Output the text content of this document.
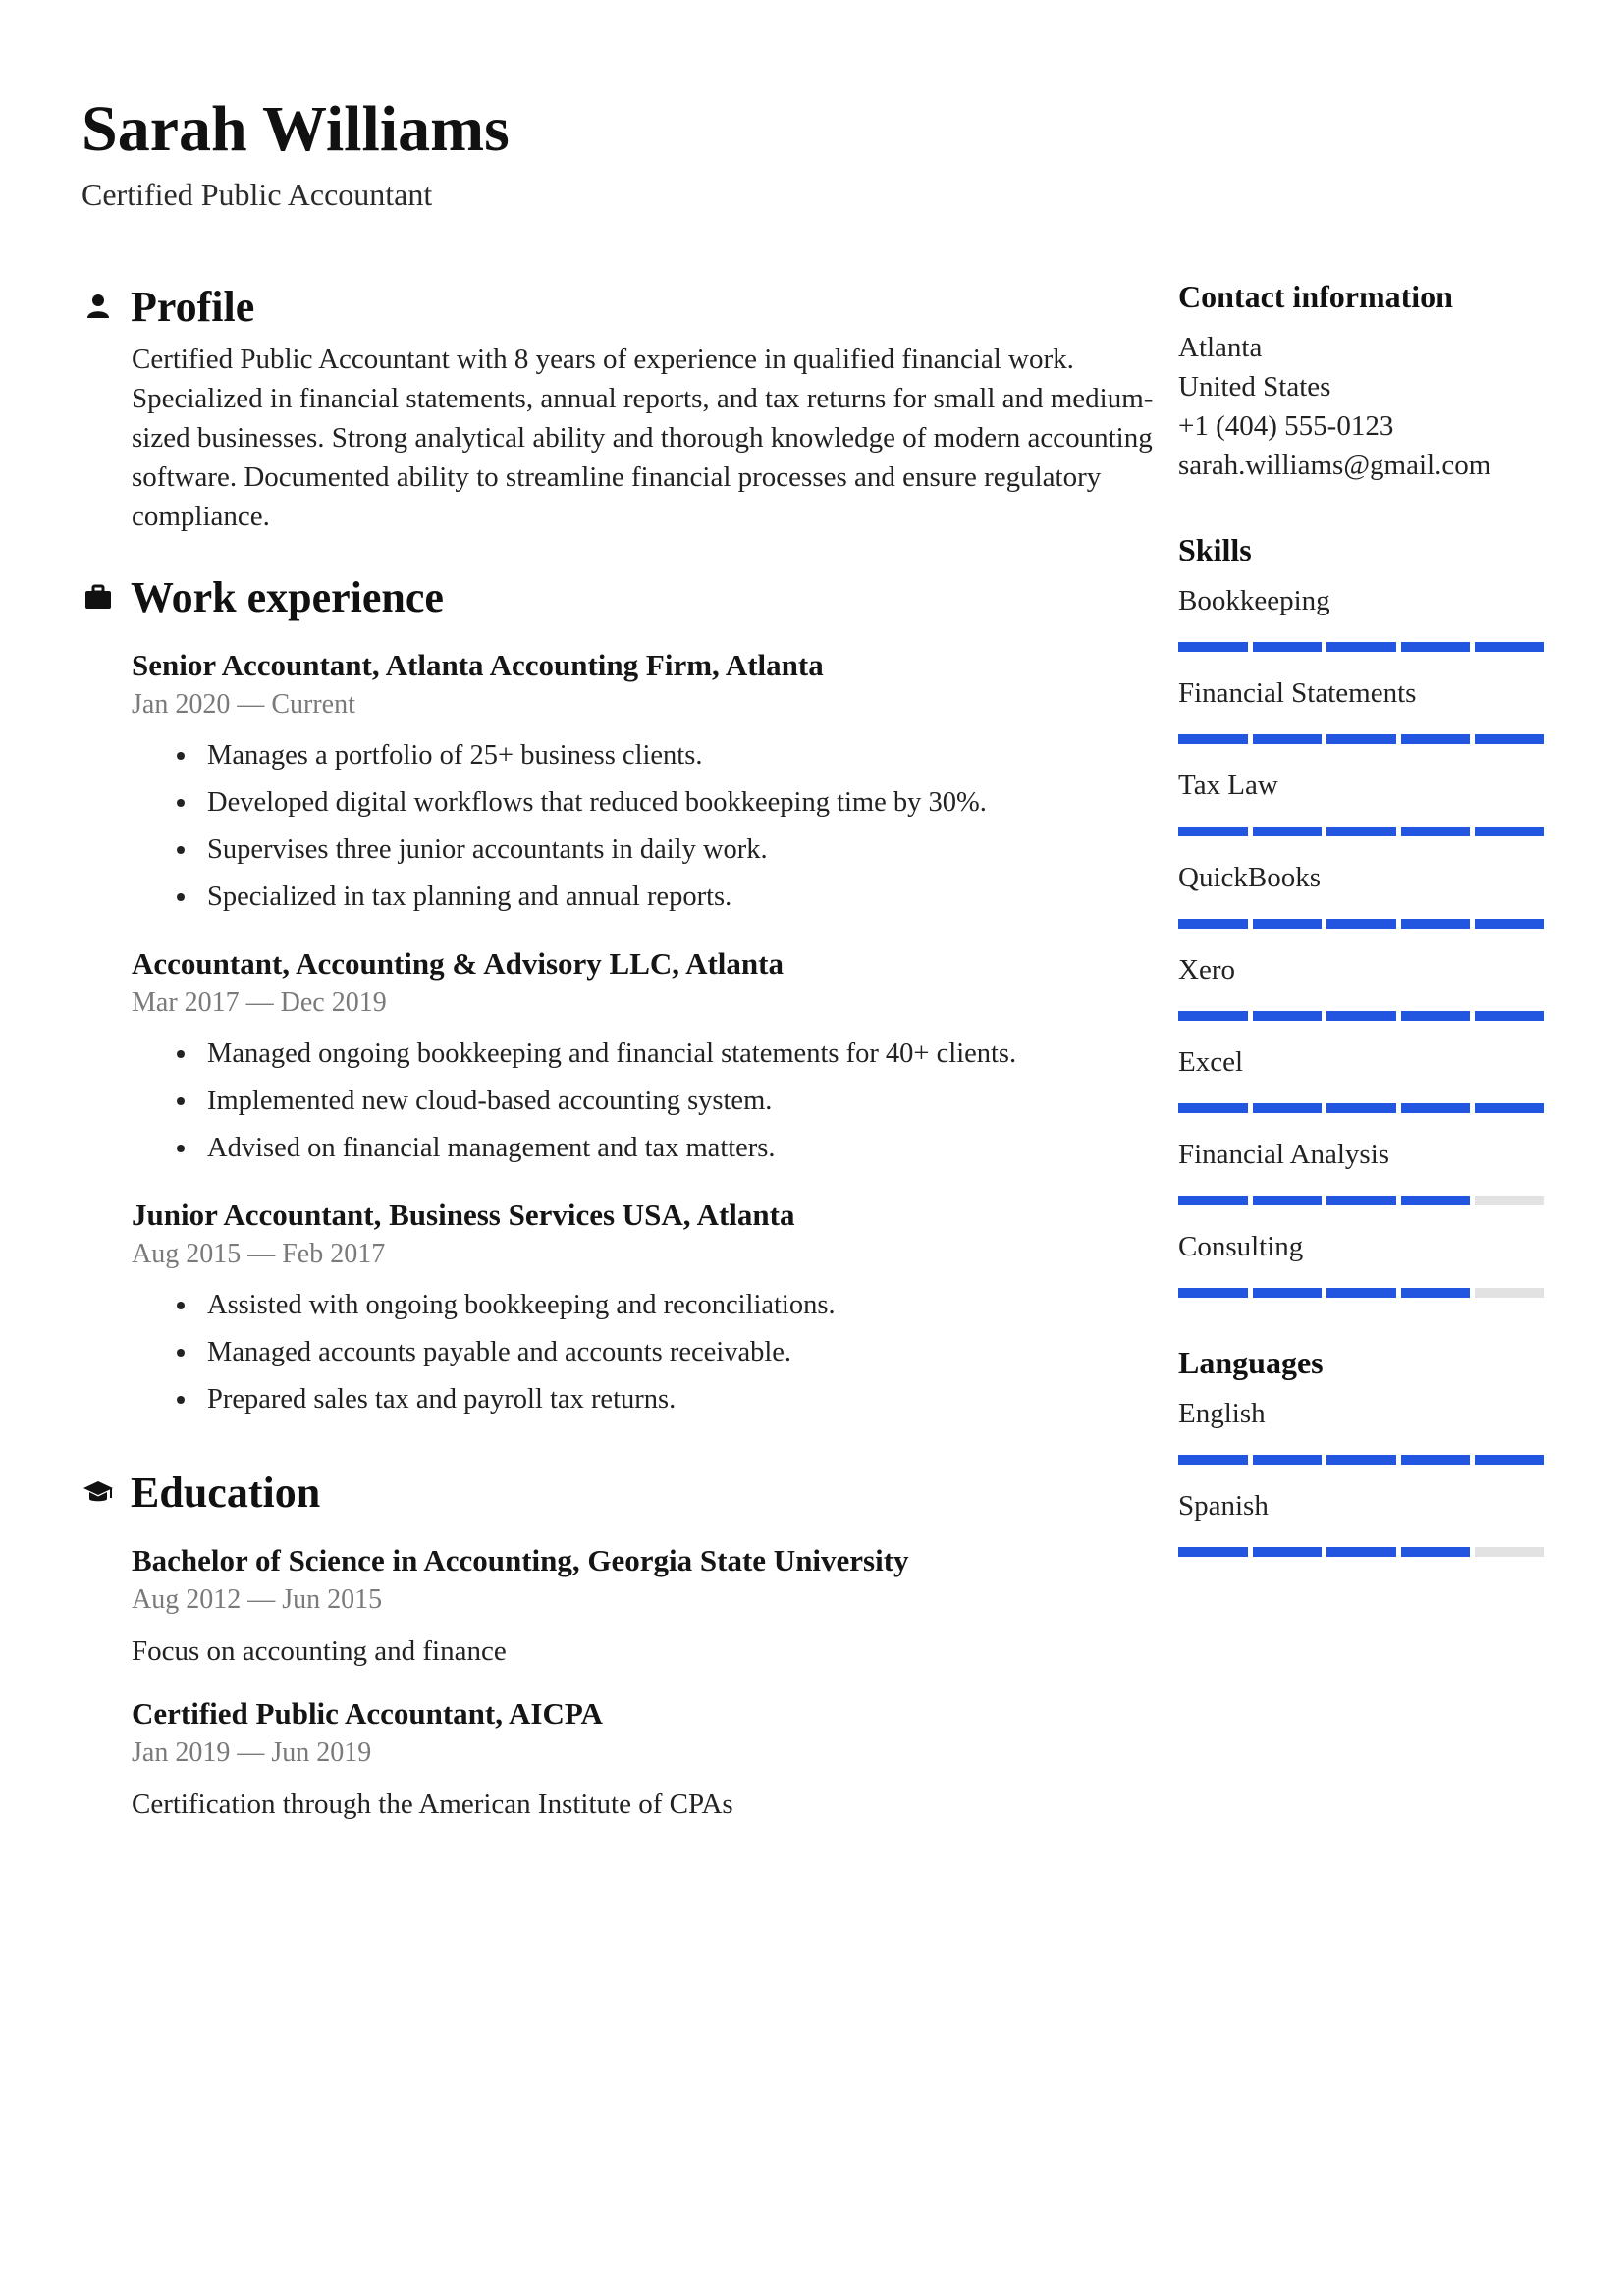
Sarah Williams
Certified Public Accountant
Profile
Certified Public Accountant with 8 years of experience in qualified financial work. Specialized in financial statements, annual reports, and tax returns for small and medium-sized businesses. Strong analytical ability and thorough knowledge of modern accounting software. Documented ability to streamline financial processes and ensure regulatory compliance.
Work experience
Senior Accountant, Atlanta Accounting Firm, Atlanta
Jan 2020 — Current
Manages a portfolio of 25+ business clients.
Developed digital workflows that reduced bookkeeping time by 30%.
Supervises three junior accountants in daily work.
Specialized in tax planning and annual reports.
Accountant, Accounting & Advisory LLC, Atlanta
Mar 2017 — Dec 2019
Managed ongoing bookkeeping and financial statements for 40+ clients.
Implemented new cloud-based accounting system.
Advised on financial management and tax matters.
Junior Accountant, Business Services USA, Atlanta
Aug 2015 — Feb 2017
Assisted with ongoing bookkeeping and reconciliations.
Managed accounts payable and accounts receivable.
Prepared sales tax and payroll tax returns.
Education
Bachelor of Science in Accounting, Georgia State University
Aug 2012 — Jun 2015
Focus on accounting and finance
Certified Public Accountant, AICPA
Jan 2019 — Jun 2019
Certification through the American Institute of CPAs
Contact information
Atlanta
United States
+1 (404) 555-0123
sarah.williams@gmail.com
Skills
Bookkeeping
Financial Statements
Tax Law
QuickBooks
Xero
Excel
Financial Analysis
Consulting
Languages
English
Spanish
